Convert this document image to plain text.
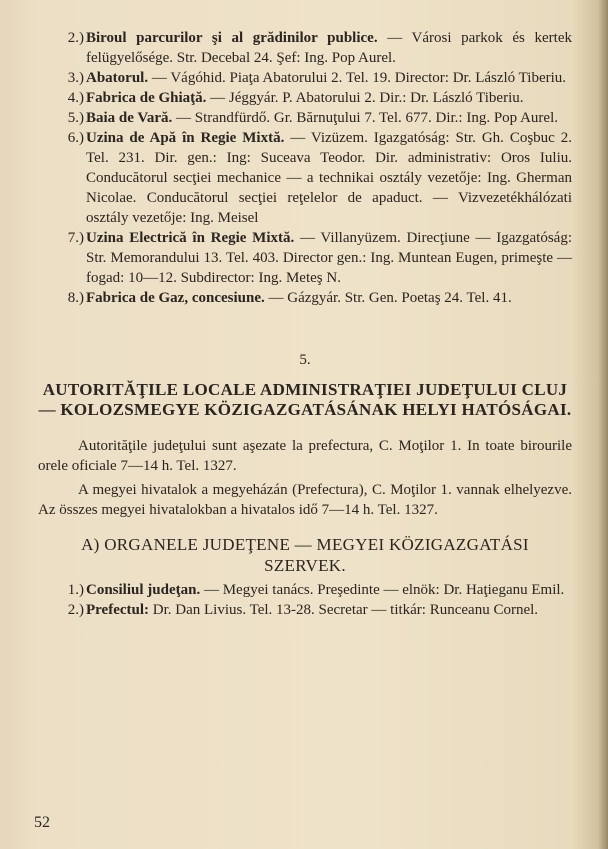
2.) Biroul parcurilor şi al grădinilor publice. — Városi parkok és kertek felügyelősége. Str. Decebal 24. Şef: Ing. Pop Aurel.

3.) Abatorul. — Vágóhid. Piaţa Abatorului 2. Tel. 19. Director: Dr. László Tiberiu.

4.) Fabrica de Ghiaţă. — Jéggyár. P. Abatorului 2. Dir.: Dr. László Tiberiu.

5.) Baia de Vară. — Strandfürdő. Gr. Bărnuţului 7. Tel. 677. Dir.: Ing. Pop Aurel.

6.) Uzina de Apă în Regie Mixtă. — Vizüzem. Igazgatóság: Str. Gh. Coşbuc 2. Tel. 231. Dir. gen.: Ing: Suceava Teodor. Dir. administrativ: Oros Iuliu. Conducătorul secţiei mechanice — a technikai osztály vezetője: Ing. Gherman Nicolae. Conducătorul secţiei reţelelor de apaduct. — Vizvezetékhálózati osztály vezetője: Ing. Meisel

7.) Uzina Electrică în Regie Mixtă. — Villanyüzem. Direcţiune — Igazgatóság: Str. Memorandului 13. Tel. 403. Director gen.: Ing. Muntean Eugen, primeşte — fogad: 10—12. Subdirector: Ing. Meteş N.

8.) Fabrica de Gaz, concesiune. — Gázgyár. Str. Gen. Poetaş 24. Tel. 41.

5.
AUTORITĂŢILE LOCALE ADMINISTRAŢIEI JUDEŢULUI CLUJ — KOLOZSMEGYE KÖZIGAZGATÁSÁNAK HELYI HATÓSÁGAI.

Autorităţile judeţului sunt aşezate la prefectura, C. Moţilor 1. In toate birourile orele oficiale 7—14 h. Tel. 1327.

A megyei hivatalok a megyeházán (Prefectura), C. Moţilor 1. vannak elhelyezve. Az összes megyei hivatalokban a hivatalos idő 7—14 h. Tel. 1327.

A) ORGANELE JUDEŢENE — MEGYEI KÖZIGAZGATÁSI SZERVEK.

1.) Consiliul judeţan. — Megyei tanács. Preşedinte — elnök: Dr. Haţieganu Emil.

2.) Prefectul: Dr. Dan Livius. Tel. 13-28. Secretar — titkár: Runceanu Cornel.

52
